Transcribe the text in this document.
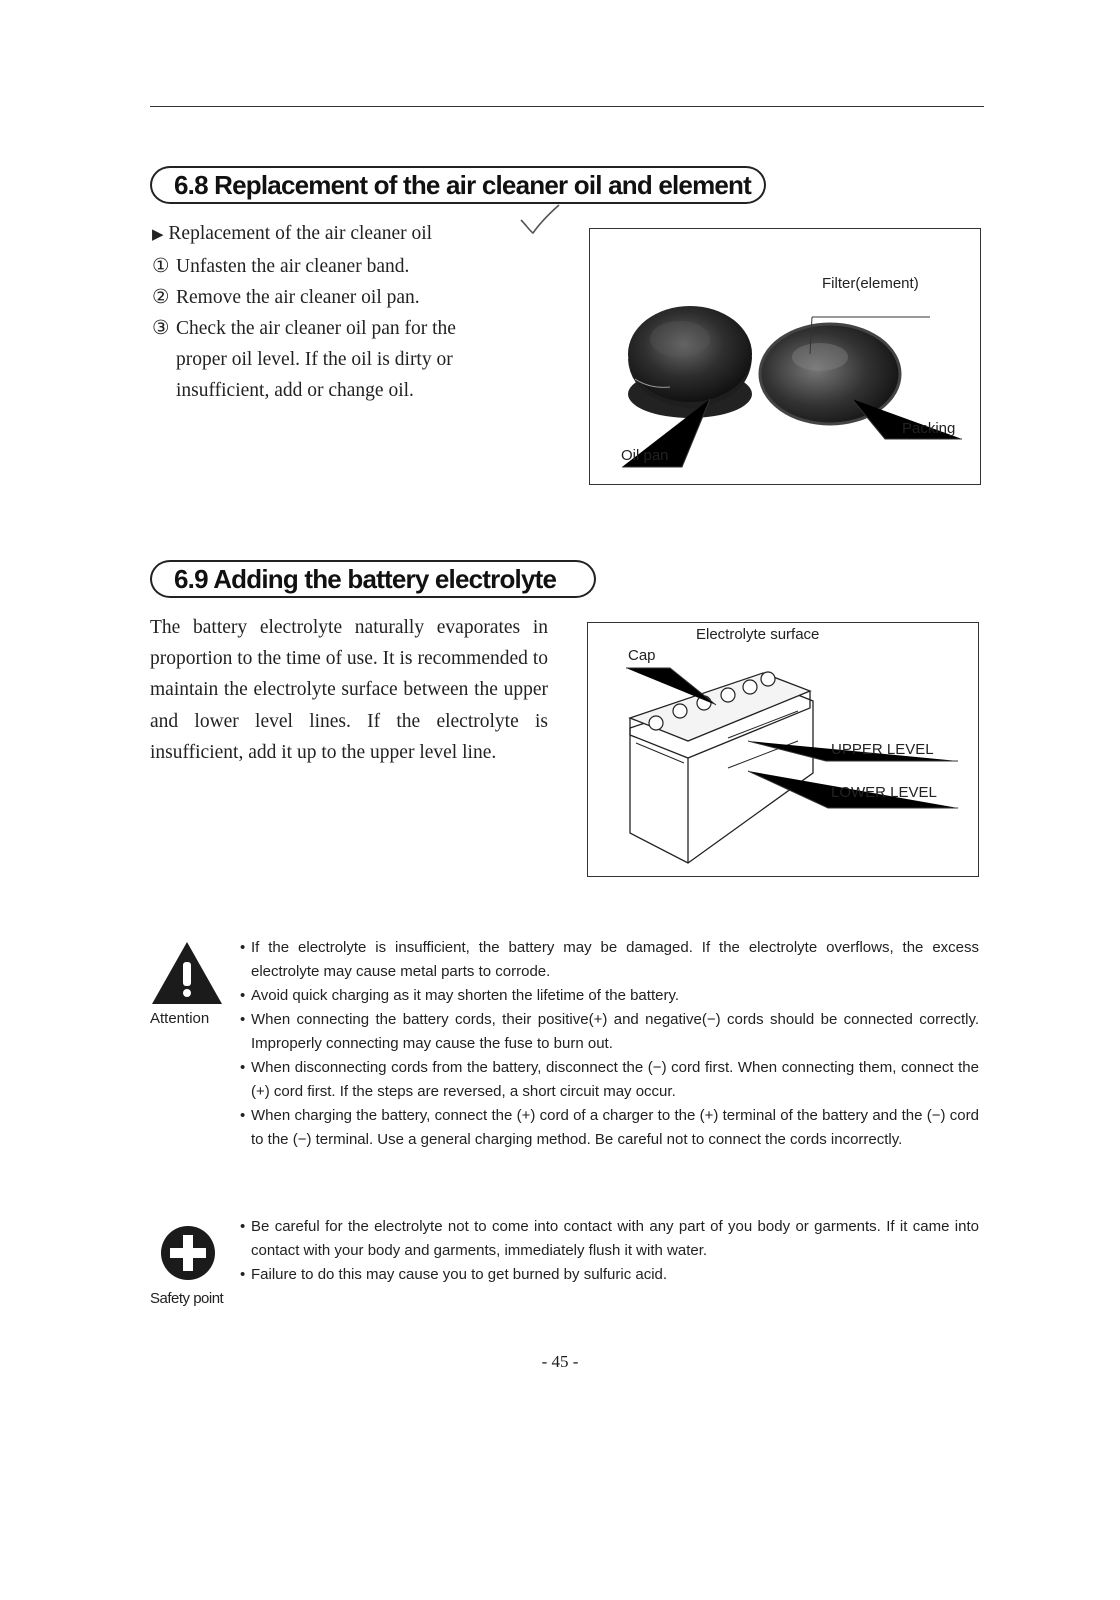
6.8 Replacement of the air cleaner oil and element
▶ Replacement of the air cleaner oil
① Unfasten the air cleaner band.
② Remove the air cleaner oil pan.
③ Check the air cleaner oil pan for the
proper oil level. If the oil is dirty or
insufficient, add or change oil.
Filter(element)
Packing
Oil pan
6.9 Adding the battery electrolyte
The battery electrolyte naturally evaporates in proportion to the time of use. It is recommended to maintain the electrolyte surface between the upper and lower level lines. If the electrolyte is insufficient, add it up to the upper level line.
Electrolyte surface
Cap
UPPER LEVEL
LOWER LEVEL
Attention
• If the electrolyte is insufficient, the battery may be damaged. If the electrolyte overflows, the excess electrolyte may cause metal parts to corrode.
• Avoid quick charging as it may shorten the lifetime of the battery.
• When connecting the battery cords, their positive(+) and negative(−) cords should be connected correctly. Improperly connecting may cause the fuse to burn out.
• When disconnecting cords from the battery, disconnect the (−) cord first. When connecting them, connect the (+) cord first. If the steps are reversed, a short circuit may occur.
• When charging the battery, connect the (+) cord of a charger to the (+) terminal of the battery and the (−) cord to the (−) terminal. Use a general charging method. Be careful not to connect the cords incorrectly.
Safety point
• Be careful for the electrolyte not to come into contact with any part of you body or garments. If it came into contact with your body and garments, immediately flush it with water.
• Failure to do this may cause you to get burned by sulfuric acid.
- 45 -
